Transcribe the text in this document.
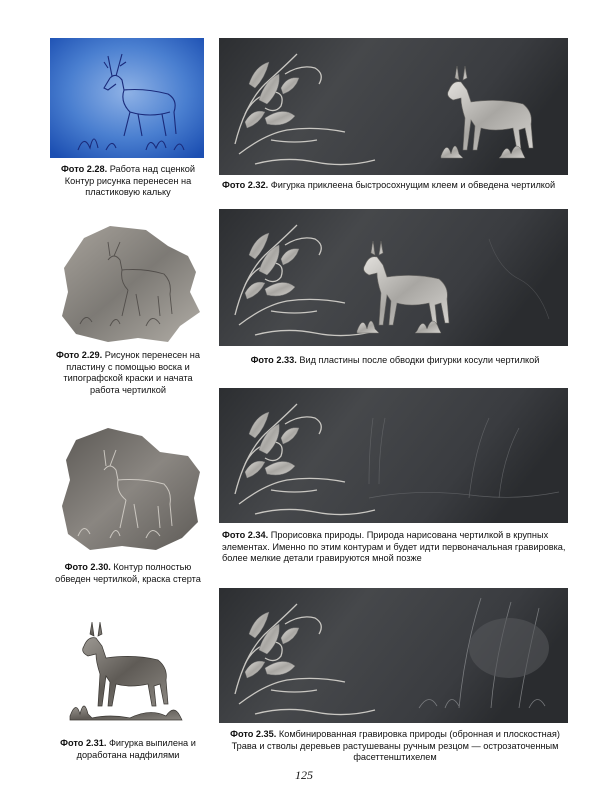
Фото 2.28. Работа над сценкой Контур рисунка перенесен на пластиковую кальку
Фото 2.29. Рисунок перенесен на пластину с помощью воска и типографской краски и начата работа чертилкой
Фото 2.30. Контур полностью обведен чертилкой, краска стерта
Фото 2.31. Фигурка выпилена и доработана надфилями
Фото 2.32. Фигурка приклеена быстросохнущим клеем и обведена чертилкой
Фото 2.33. Вид пластины после обводки фигурки косули чертилкой
Фото 2.34. Прорисовка природы. Природа нарисована чертилкой в крупных элементах. Именно по этим контурам и будет идти первоначальная гравировка, более мелкие детали гравируются мной позже
Фото 2.35. Комбинированная гравировка природы (обронная и плоскостная) Трава и стволы деревьев растушеваны ручным резцом — острозаточенным фасеттенштихелем
125
